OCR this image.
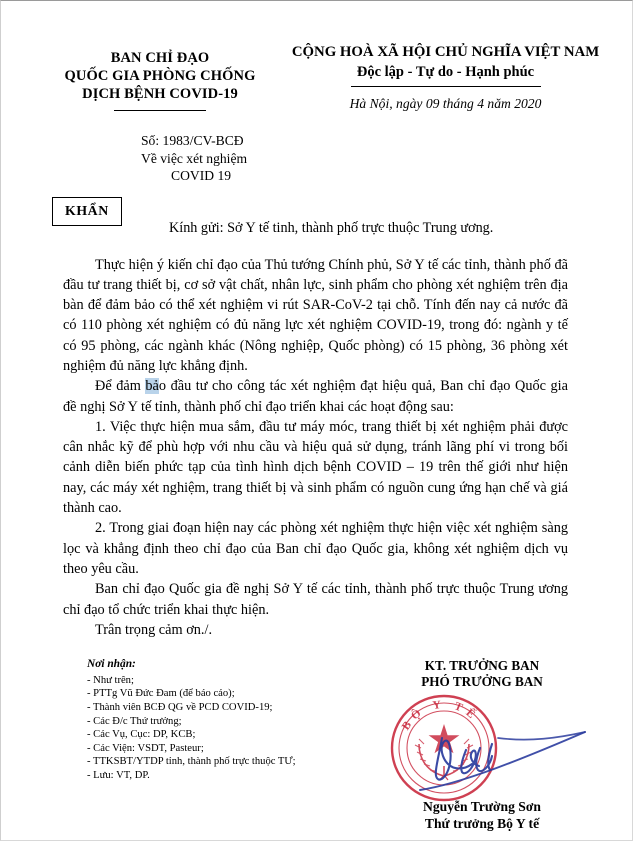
BAN CHỈ ĐẠO
QUỐC GIA PHÒNG CHỐNG
DỊCH BỆNH COVID-19
CỘNG HOÀ XÃ HỘI CHỦ NGHĨA VIỆT NAM
Độc lập - Tự do - Hạnh phúc
Hà Nội, ngày 09 tháng 4 năm 2020
Số: 1983/CV-BCĐ
Về việc xét nghiệm
COVID 19
KHẨN
Kính gửi: Sở Y tế tinh, thành phố trực thuộc Trung ương.

Thực hiện ý kiến chỉ đạo của Thủ tướng Chính phủ, Sở Y tế các tỉnh, thành phố đã đầu tư trang thiết bị, cơ sở vật chất, nhân lực, sinh phẩm cho phòng xét nghiệm trên địa bàn để đảm bảo có thể xét nghiệm vi rút SAR-CoV-2 tại chỗ. Tính đến nay cả nước đã có 110 phòng xét nghiệm có đủ năng lực xét nghiệm COVID-19, trong đó: ngành y tế có 95 phòng, các ngành khác (Nông nghiệp, Quốc phòng) có 15 phòng, 36 phòng xét nghiệm đủ năng lực khẳng định.

Để đảm bảo đầu tư cho công tác xét nghiệm đạt hiệu quả, Ban chỉ đạo Quốc gia đề nghị Sở Y tế tỉnh, thành phố chỉ đạo triển khai các hoạt động sau:

1. Việc thực hiện mua sắm, đầu tư máy móc, trang thiết bị xét nghiệm phải được cân nhắc kỹ để phù hợp với nhu cầu và hiệu quả sử dụng, tránh lãng phí vi trong bối cảnh diễn biến phức tạp của tình hình dịch bệnh COVID – 19 trên thế giới như hiện nay, các máy xét nghiệm, trang thiết bị và sinh phẩm có nguồn cung ứng hạn chế và giá thành cao.

2. Trong giai đoạn hiện nay các phòng xét nghiệm thực hiện việc xét nghiệm sàng lọc và khẳng định theo chỉ đạo của Ban chỉ đạo Quốc gia, không xét nghiệm dịch vụ theo yêu cầu.

Ban chỉ đạo Quốc gia đề nghị Sở Y tế các tỉnh, thành phố trực thuộc Trung ương chỉ đạo tổ chức triển khai thực hiện.

Trân trọng cảm ơn./.

Nơi nhận:
- Như trên;
- PTTg Vũ Đức Đam (để báo cáo);
- Thành viên BCĐ QG về PCD COVID-19;
- Các Đ/c Thứ trưởng;
- Các Vụ, Cục: DP, KCB;
- Các Viện: VSDT, Pasteur;
- TTKSBT/YTDP tỉnh, thành phố trực thuộc TƯ;
- Lưu: VT, DP.
KT. TRƯỞNG BAN
PHÓ TRƯỞNG BAN
BỘ Y TẾ
Nguyễn Trường Sơn
Thứ trưởng Bộ Y tế
